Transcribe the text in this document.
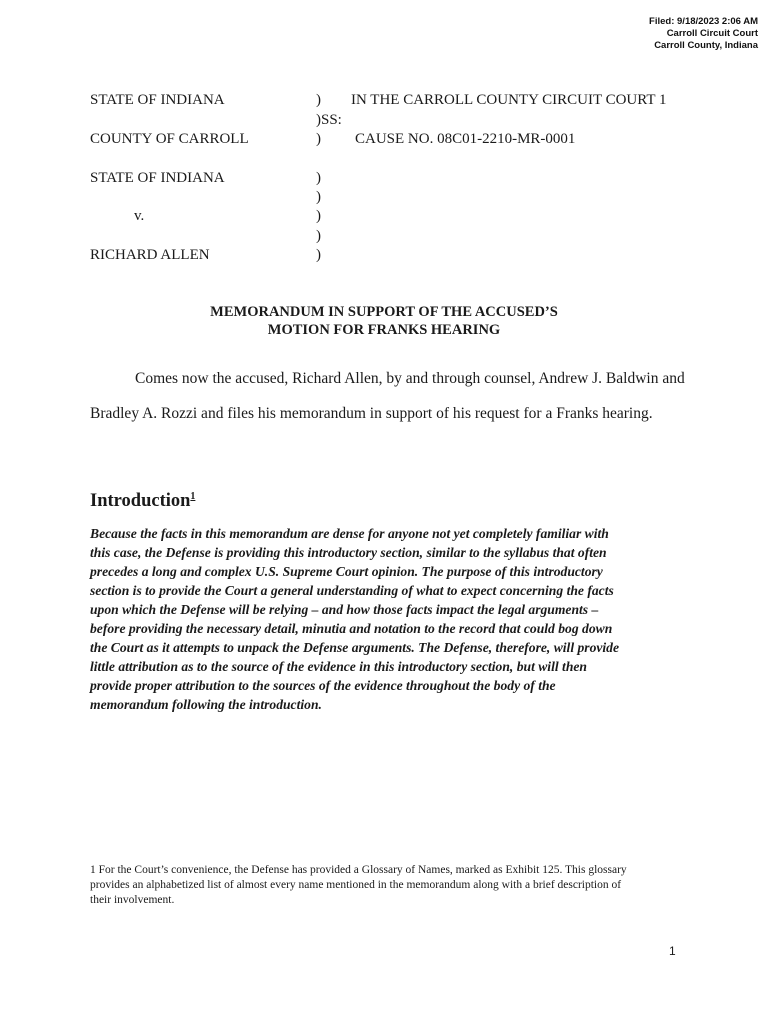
Filed: 9/18/2023 2:06 AM
Carroll Circuit Court
Carroll County, Indiana
STATE OF INDIANA	) IN THE CARROLL COUNTY CIRCUIT COURT 1
)SS:
COUNTY OF CARROLL	) CAUSE NO. 08C01-2210-MR-0001
STATE OF INDIANA
v.
RICHARD ALLEN
)
)
)
)
)
MEMORANDUM IN SUPPORT OF THE ACCUSED’S
MOTION FOR FRANKS HEARING
Comes now the accused, Richard Allen, by and through counsel, Andrew J. Baldwin and
Bradley A. Rozzi and files his memorandum in support of his request for a Franks hearing.
Introduction$^1$
Because the facts in this memorandum are dense for anyone not yet completely familiar with
this case, the Defense is providing this introductory section, similar to the syllabus that often
precedes a long and complex U.S. Supreme Court opinion. The purpose of this introductory
section is to provide the Court a general understanding of what to expect concerning the facts
upon which the Defense will be relying – and how those facts impact the legal arguments –
before providing the necessary detail, minutia and notation to the record that could bog down
the Court as it attempts to unpack the Defense arguments. The Defense, therefore, will provide
little attribution as to the source of the evidence in this introductory section, but will then
provide proper attribution to the sources of the evidence throughout the body of the
memorandum following the introduction.
1 For the Court’s convenience, the Defense has provided a Glossary of Names, marked as Exhibit 125. This glossary
provides an alphabetized list of almost every name mentioned in the memorandum along with a brief description of
their involvement.
1
